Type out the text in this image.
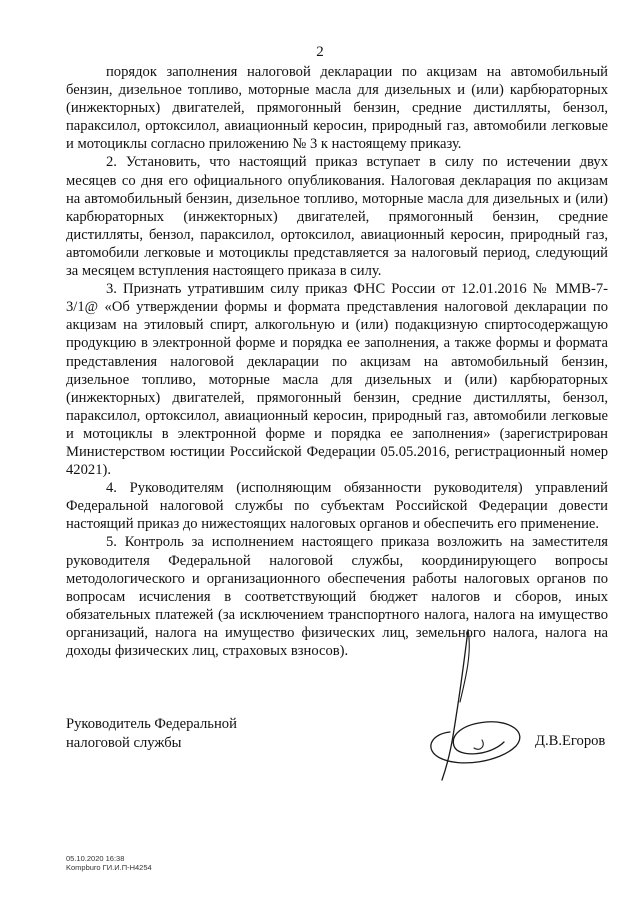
2

порядок заполнения налоговой декларации по акцизам на автомобильный бензин, дизельное топливо, моторные масла для дизельных и (или) карбюраторных (инжекторных) двигателей, прямогонный бензин, средние дистилляты, бензол, параксилол, ортоксилол, авиационный керосин, природный газ, автомобили легковые и мотоциклы согласно приложению № 3 к настоящему приказу.

2. Установить, что настоящий приказ вступает в силу по истечении двух месяцев со дня его официального опубликования. Налоговая декларация по акцизам на автомобильный бензин, дизельное топливо, моторные масла для дизельных и (или) карбюраторных (инжекторных) двигателей, прямогонный бензин, средние дистилляты, бензол, параксилол, ортоксилол, авиационный керосин, природный газ, автомобили легковые и мотоциклы представляется за налоговый период, следующий за месяцем вступления настоящего приказа в силу.

3. Признать утратившим силу приказ ФНС России от 12.01.2016 № ММВ-7-3/1@ «Об утверждении формы и формата представления налоговой декларации по акцизам на этиловый спирт, алкогольную и (или) подакцизную спиртосодержащую продукцию в электронной форме и порядка ее заполнения, а также формы и формата представления налоговой декларации по акцизам на автомобильный бензин, дизельное топливо, моторные масла для дизельных и (или) карбюраторных (инжекторных) двигателей, прямогонный бензин, средние дистилляты, бензол, параксилол, ортоксилол, авиационный керосин, природный газ, автомобили легковые и мотоциклы в электронной форме и порядка ее заполнения» (зарегистрирован Министерством юстиции Российской Федерации 05.05.2016, регистрационный номер 42021).

4. Руководителям (исполняющим обязанности руководителя) управлений Федеральной налоговой службы по субъектам Российской Федерации довести настоящий приказ до нижестоящих налоговых органов и обеспечить его применение.

5. Контроль за исполнением настоящего приказа возложить на заместителя руководителя Федеральной налоговой службы, координирующего вопросы методологического и организационного обеспечения работы налоговых органов по вопросам исчисления в соответствующий бюджет налогов и сборов, иных обязательных платежей (за исключением транспортного налога, налога на имущество организаций, налога на имущество физических лиц, земельного налога, налога на доходы физических лиц, страховых взносов).

Руководитель Федеральной
налоговой службы	Д.В.Егоров
05.10.2020 16:38
Kompburo ГИ.И.П-Н4254
